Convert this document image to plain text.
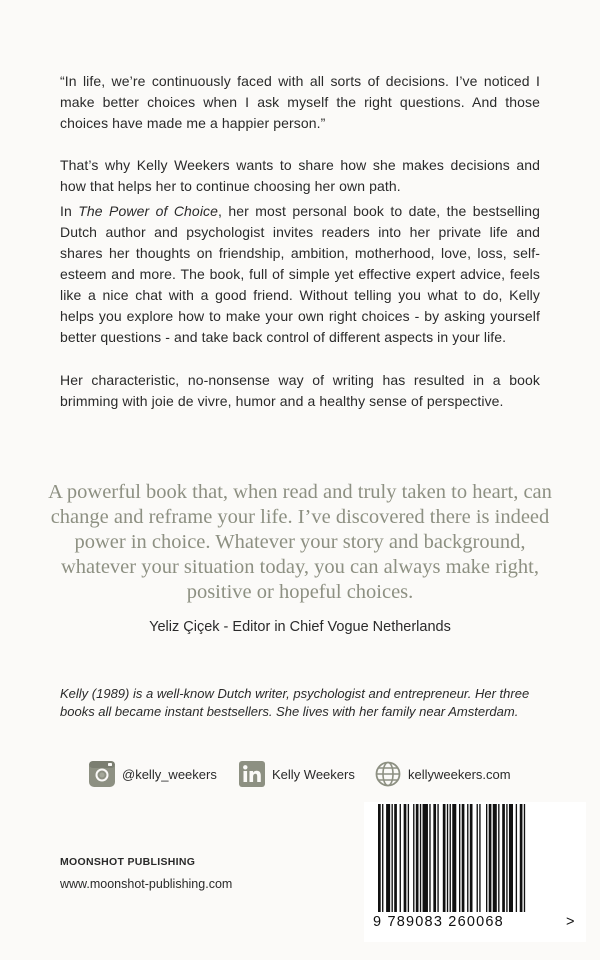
“In life, we’re continuously faced with all sorts of decisions. I’ve noticed I make better choices when I ask myself the right questions. And those choices have made me a happier person.”

That’s why Kelly Weekers wants to share how she makes decisions and how that helps her to continue choosing her own path.

In The Power of Choice, her most personal book to date, the bestselling Dutch author and psychologist invites readers into her private life and shares her thoughts on friendship, ambition, motherhood, love, loss, self-esteem and more. The book, full of simple yet effective expert advice, feels like a nice chat with a good friend. Without telling you what to do, Kelly helps you explore how to make your own right choices - by asking yourself better questions - and take back control of different aspects in your life.

Her characteristic, no-nonsense way of writing has resulted in a book brimming with joie de vivre, humor and a healthy sense of perspective.

A powerful book that, when read and truly taken to heart, can change and reframe your life. I’ve discovered there is indeed power in choice. Whatever your story and background, whatever your situation today, you can always make right, positive or hopeful choices.

Yeliz Çiçek - Editor in Chief Vogue Netherlands

Kelly (1989) is a well-know Dutch writer, psychologist and entrepreneur. Her three books all became instant bestsellers. She lives with her family near Amsterdam.

@kelly_weekers	Kelly Weekers	kellyweekers.com

MOONSHOT PUBLISHING

www.moonshot-publishing.com

9 789083 260068	>
